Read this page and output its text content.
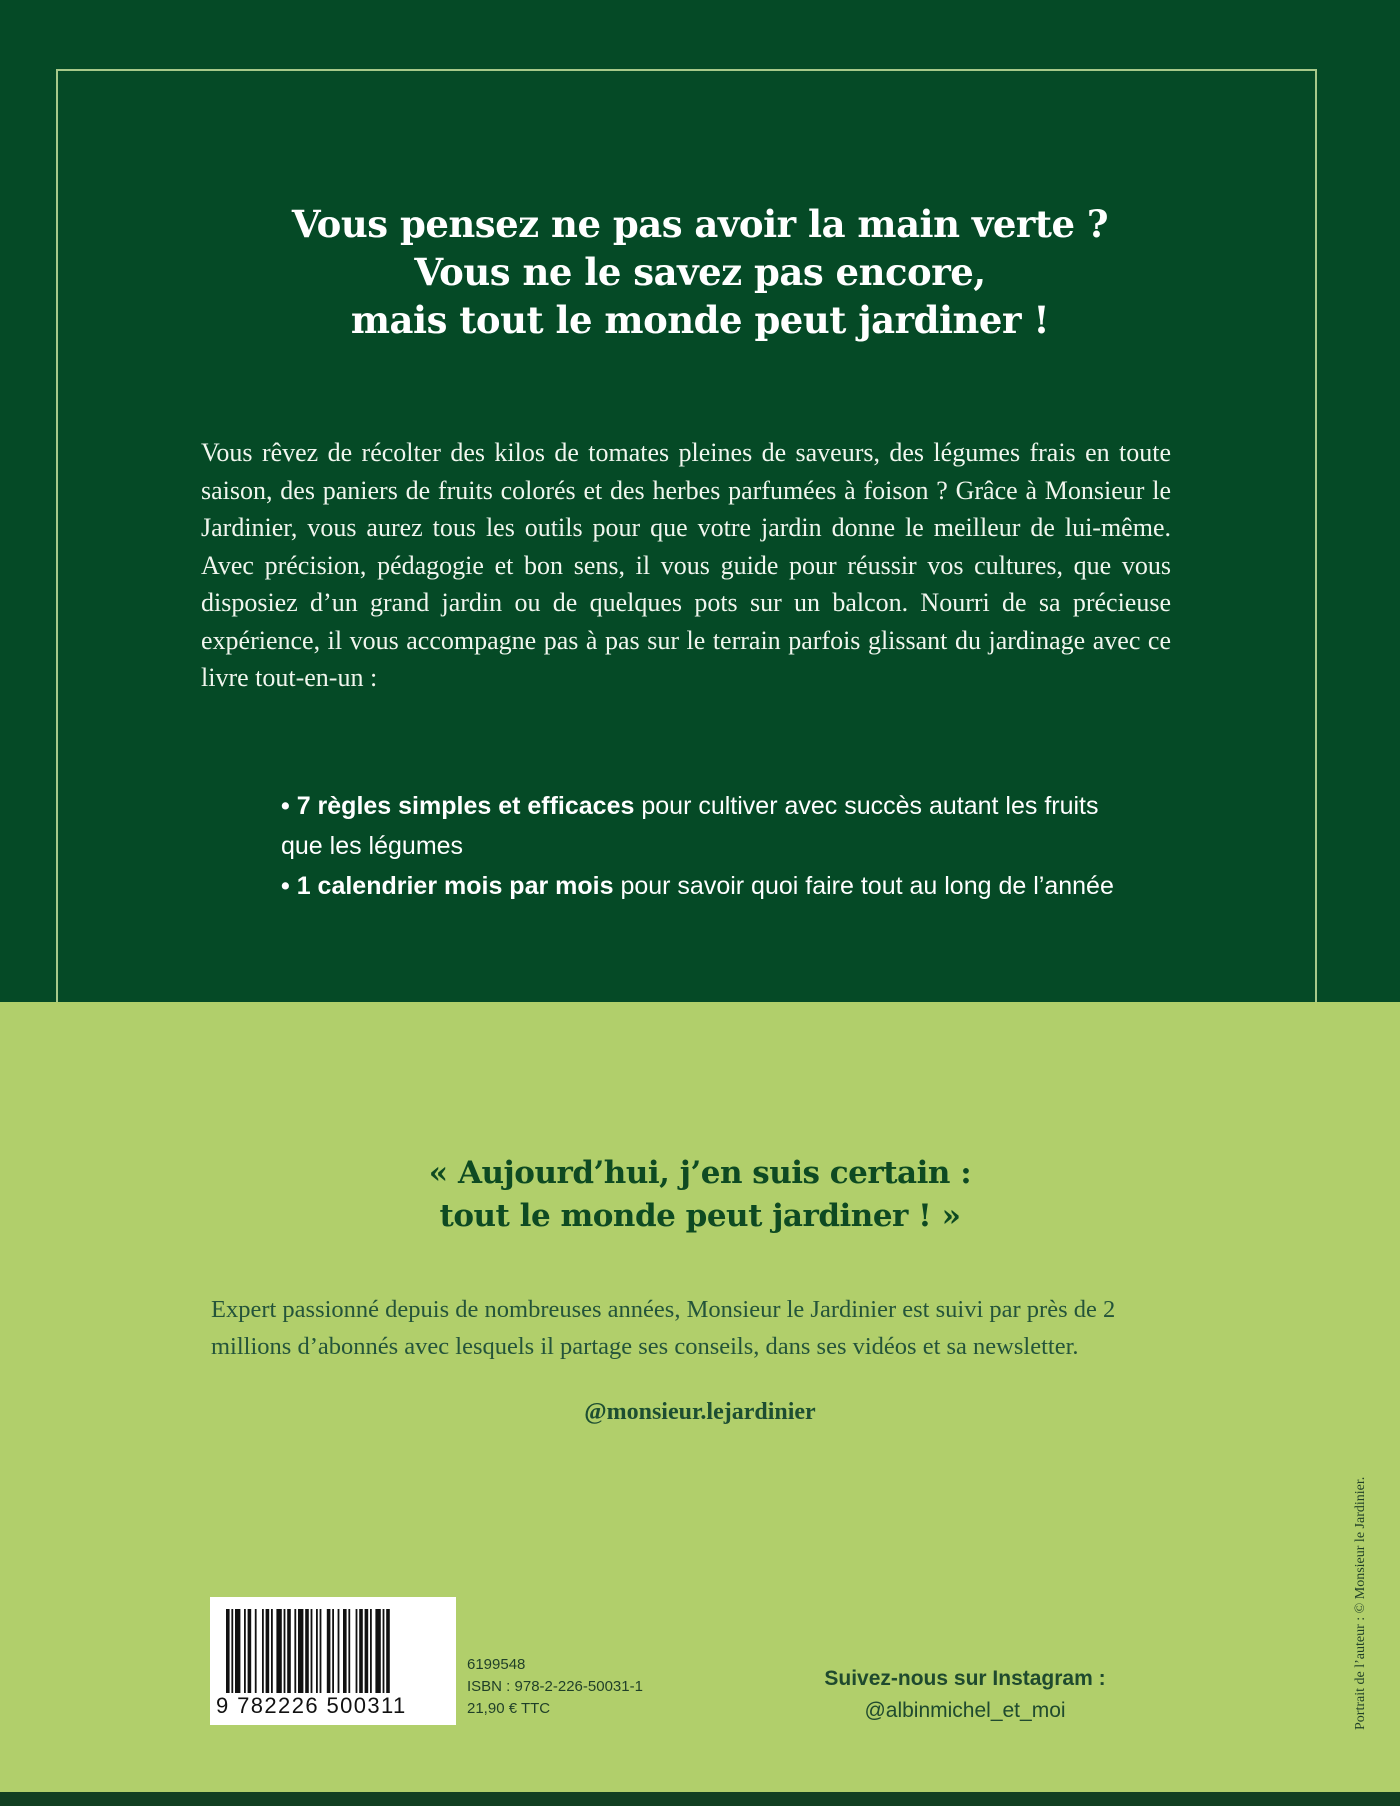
Vous pensez ne pas avoir la main verte ?
Vous ne le savez pas encore,
mais tout le monde peut jardiner !

Vous rêvez de récolter des kilos de tomates pleines de saveurs, des légumes frais en toute saison, des paniers de fruits colorés et des herbes parfumées à foison ? Grâce à Monsieur le Jardinier, vous aurez tous les outils pour que votre jardin donne le meilleur de lui-même. Avec précision, pédagogie et bon sens, il vous guide pour réussir vos cultures, que vous disposiez d’un grand jardin ou de quelques pots sur un balcon. Nourri de sa précieuse expérience, il vous accompagne pas à pas sur le terrain parfois glissant du jardinage avec ce livre tout-en-un :

• 7 règles simples et efficaces pour cultiver avec succès autant les fruits que les légumes

• 1 calendrier mois par mois pour savoir quoi faire tout au long de l’année

« Aujourd’hui, j’en suis certain :
tout le monde peut jardiner ! »

Expert passionné depuis de nombreuses années, Monsieur le Jardinier est suivi par près de 2 millions d’abonnés avec lesquels il partage ses conseils, dans ses vidéos et sa newsletter.

@monsieur.lejardinier
9 782226 500311
6199548
ISBN : 978-2-226-50031-1
21,90 € TTC
Suivez-nous sur Instagram :
@albinmichel_et_moi	Portrait de l’auteur : © Monsieur le Jardinier.
